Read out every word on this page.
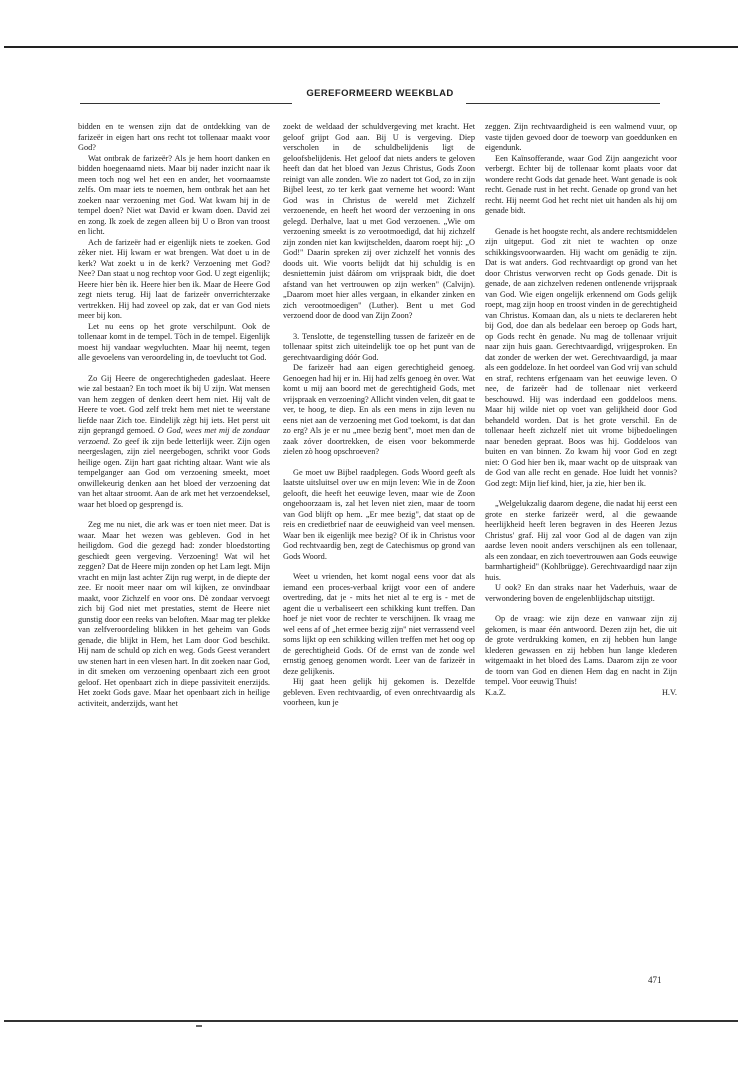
GEREFORMEERD WEEKBLAD

bidden en te wensen zijn dat de ontdekking van de farizeër in eigen hart ons recht tot tollenaar maakt voor God?

Wat ontbrak de farizeër? Als je hem hoort danken en bidden hoegenaamd niets. Maar bij nader inzicht naar ik meen toch nog wel het een en ander, het voornaamste zelfs. Om maar iets te noemen, hem ontbrak het aan het zoeken naar verzoening met God. Wat kwam hij in de tempel doen? Niet wat David er kwam doen. David zei en zong. Ik zoek de zegen alleen bij U o Bron van troost en licht.

Ach de farizeër had er eigenlijk niets te zoeken. God zèker niet. Hij kwam er wat brengen. Wat doet u in de kerk? Wat zoekt u in de kerk? Verzoening met God? Nee? Dan staat u nog rechtop voor God. U zegt eigenlijk; Heere hier bèn ik. Heere hier ben ik. Maar de Heere God zegt niets terug. Hij laat de farizeër onverrichterzake vertrekken. Hij had zoveel op zak, dat er van God niets meer bij kon.

Let nu eens op het grote verschilpunt. Ook de tollenaar komt in de tempel. Tòch in de tempel. Eigenlijk moest hij vandaar wegvluchten. Maar hij neemt, tegen alle gevoelens van veroordeling in, de toevlucht tot God.

Zo Gij Heere de ongerechtigheden gadeslaat. Heere wie zal bestaan? En toch moet ik bij U zijn. Wat mensen van hem zeggen of denken deert hem niet. Hij valt de Heere te voet. God zelf trekt hem met niet te weerstane liefde naar Zich toe. Eindelijk zègt hij iets. Het perst uit zijn geprangd gemoed. O God, wees met mij de zondaar verzoend. Zo geef ik zijn bede letterlijk weer. Zijn ogen neergeslagen, zijn ziel neergebogen, schrikt voor Gods heilige ogen. Zijn hart gaat richting altaar. Want wie als tempelganger aan God om verzoening smeekt, moet onwillekeurig denken aan het bloed der verzoening dat van het altaar stroomt. Aan de ark met het verzoendeksel, waar het bloed op gesprengd is.

Zeg me nu niet, die ark was er toen niet meer. Dat is waar. Maar het wezen was gebleven. God in het heiligdom. God die gezegd had: zonder bloedstorting geschiedt geen vergeving. Verzoening! Wat wil het zeggen? Dat de Heere mijn zonden op het Lam legt. Mijn vracht en mijn last achter Zijn rug werpt, in de diepte der zee. Er nooit meer naar om wil kijken, ze onvindbaar maakt, voor Zichzelf en voor ons. Dè zondaar vervoegt zich bij God niet met prestaties, stemt de Heere niet gunstig door een reeks van beloften. Maar mag ter plekke van zelfveroordeling blikken in het geheim van Gods genade, die blijkt in Hem, het Lam door God beschikt. Hij nam de schuld op zich en weg. Gods Geest verandert uw stenen hart in een vlesen hart. In dit zoeken naar God, in dit smeken om verzoening openbaart zich een groot geloof. Het openbaart zich in diepe passiviteit enerzijds. Het zoekt Gods gave. Maar het openbaart zich in heilige activiteit, anderzijds, want het

zoekt de weldaad der schuldvergeving met kracht. Het geloof grijpt God aan. Bij U is vergeving. Diep verscholen in de schuldbelijdenis ligt de geloofsbelijdenis. Het geloof dat niets anders te geloven heeft dan dat het bloed van Jezus Christus, Gods Zoon reinigt van alle zonden. Wie zo nadert tot God, zo in zijn Bijbel leest, zo ter kerk gaat verneme het woord: Want God was in Christus de wereld met Zichzelf verzoenende, en heeft het woord der verzoening in ons gelegd. Derhalve, laat u met God verzoenen. „Wie om verzoening smeekt is zo verootmoedigd, dat hij zichzelf zijn zonden niet kan kwijtschelden, daarom roept hij: „O God!" Daarin spreken zij over zichzelf het vonnis des doods uit. Wie voorts belijdt dat hij schuldig is en desniettemin juist dáárom om vrijspraak bidt, die doet afstand van het vertrouwen op zijn werken" (Calvijn). „Daarom moet hier alles vergaan, in elkander zinken en zich verootmoedigen" (Luther). Bent u met God verzoend door de dood van Zijn Zoon?

3. Tenslotte, de tegenstelling tussen de farizeër en de tollenaar spitst zich uiteindelijk toe op het punt van de gerechtvaardiging dóór God.

De farizeër had aan eigen gerechtigheid genoeg. Genoegen had hij er in. Hij had zelfs genoeg èn over. Wat komt u mij aan boord met de gerechtigheid Gods, met vrijspraak en verzoening? Allicht vinden velen, dit gaat te ver, te hoog, te diep. En als een mens in zijn leven nu eens niet aan de verzoening met God toekomt, is dat dan zo erg? Als je er nu „mee bezig bent", moet men dan de zaak zóver doortrekken, de eisen voor bekommerde zielen zò hoog opschroeven?

Ge moet uw Bijbel raadplegen. Gods Woord geeft als laatste uitsluitsel over uw en mijn leven: Wie in de Zoon gelooft, die heeft het eeuwige leven, maar wie de Zoon ongehoorzaam is, zal het leven niet zien, maar de toorn van God blijft op hem. „Er mee bezig", dat staat op de reis en credietbrief naar de eeuwigheid van veel mensen. Waar ben ik eigenlijk mee bezig? Of ik in Christus voor God rechtvaardig ben, zegt de Catechismus op grond van Gods Woord.

Weet u vrienden, het komt nogal eens voor dat als iemand een proces-verbaal krijgt voor een of andere overtreding, dat je - mits het niet al te erg is - met de agent die u verbaliseert een schikking kunt treffen. Dan hoef je niet voor de rechter te verschijnen. Ik vraag me wel eens af of „het ermee bezig zijn" niet verrassend veel soms lijkt op een schikking willen treffen met het oog op de gerechtigheid Gods. Of de ernst van de zonde wel ernstig genoeg genomen wordt. Leer van de farizeër in deze gelijkenis.

Hij gaat heen gelijk hij gekomen is. Dezelfde gebleven. Even rechtvaardig, of even onrechtvaardig als voorheen, kun je

zeggen. Zijn rechtvaardigheid is een walmend vuur, op vaste tijden gevoed door de toeworp van goeddunken en eigendunk.

Een Kaïnsofferande, waar God Zijn aangezicht voor verbergt. Echter bij de tollenaar komt plaats voor dat wondere recht Gods dat genade heet. Want genade is ook recht. Genade rust in het recht. Genade op grond van het recht. Hij neemt God het recht niet uit handen als hij om genade bidt.

Genade is het hoogste recht, als andere rechtsmiddelen zijn uitgeput. God zit niet te wachten op onze schikkingsvoorwaarden. Hij wacht om genādig te zijn. Dat is wat anders. God rechtvaardigt op grond van het door Christus verworven recht op Gods genade. Dit is genade, de aan zichzelven redenen ontlenende vrijspraak van God. Wie eigen ongelijk erkennend om Gods gelijk roept, mag zijn hoop en troost vinden in de gerechtigheid van Christus. Komaan dan, als u niets te declareren hebt bij God, doe dan als bedelaar een beroep op Gods hart, op Gods recht èn genade. Nu mag de tollenaar vrijuit naar zijn huis gaan. Gerechtvaardigd, vrijgesproken. En dat zonder de werken der wet. Gerechtvaardigd, ja maar als een goddeloze. In het oordeel van God vrij van schuld en straf, rechtens erfgenaam van het eeuwige leven. O nee, de farizeër had de tollenaar niet verkeerd beschouwd. Hij was inderdaad een goddeloos mens. Maar hij wilde niet op voet van gelijkheid door God behandeld worden. Dat is het grote verschil. En de tollenaar heeft zichzelf niet uit vrome bijbedoelingen naar beneden gepraat. Boos was hij. Goddeloos van buiten en van binnen. Zo kwam hij voor God en zegt niet: O God hier ben ik, maar wacht op de uitspraak van de God van alle recht en genade. Hoe luidt het vonnis? God zegt: Mijn lief kind, hier, ja zie, hier ben ik.

„Welgelukzalig daarom degene, die nadat hij eerst een grote en sterke farizeër werd, al die gewaande heerlijkheid heeft leren begraven in des Heeren Jezus Christus' graf. Hij zal voor God al de dagen van zijn aardse leven nooit anders verschijnen als een tollenaar, als een zondaar, en zich toevertrouwen aan Gods eeuwige barmhartigheid" (Kohlbrügge). Gerechtvaardigd naar zijn huis.

U ook? En dan straks naar het Vaderhuis, waar de verwondering boven de engelenblijdschap uitstijgt.

Op de vraag: wie zijn deze en vanwaar zijn zij gekomen, is maar één antwoord. Dezen zijn het, die uit de grote verdrukking komen, en zij hebben hun lange klederen gewassen en zij hebben hun lange klederen witgemaakt in het bloed des Lams. Daarom zijn ze voor de toorn van God en dienen Hem dag en nacht in Zijn tempel. Voor eeuwig Thuis!

K.a.Z.	H.V.

471
